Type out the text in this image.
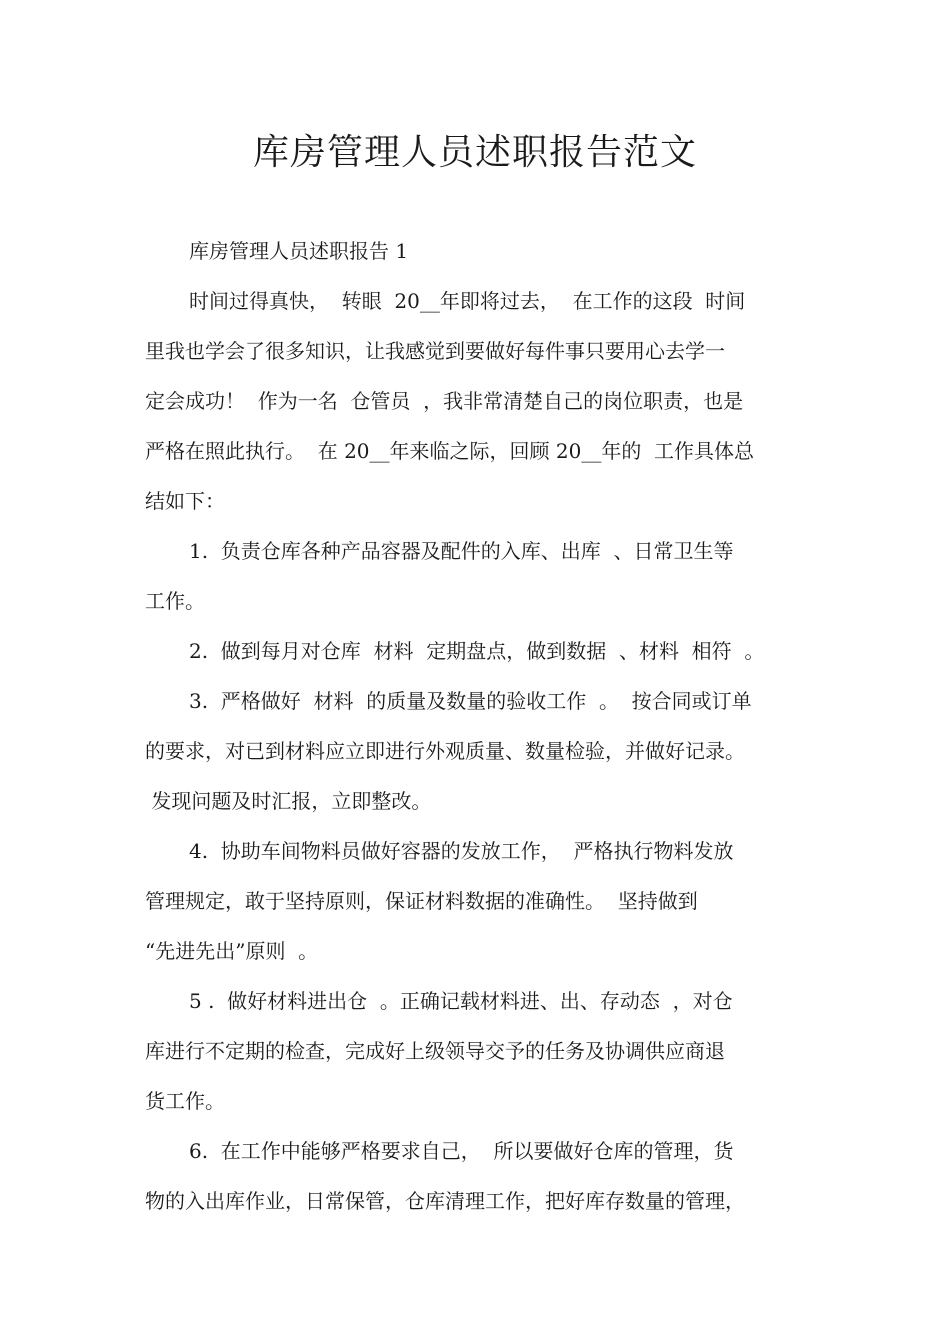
库房管理人员述职报告范文
库房管理人员述职报告 1
时间过得真快，  转眼  20__年即将过去，  在工作的这段  时间
里我也学会了很多知识，让我感觉到要做好每件事只要用心去学一
定会成功！  作为一名  仓管员  ，我非常清楚自己的岗位职责，也是
严格在照此执行。  在 20__年来临之际，回顾 20__年的  工作具体总
结如下：
1.  负责仓库各种产品容器及配件的入库、出库  、日常卫生等
工作。
2.  做到每月对仓库  材料  定期盘点，做到数据  、材料  相符  。
3.  严格做好  材料  的质量及数量的验收工作  。  按合同或订单
的要求，对已到材料应立即进行外观质量、数量检验，并做好记录。
发现问题及时汇报，立即整改。
4.  协助车间物料员做好容器的发放工作，  严格执行物料发放
管理规定，敢于坚持原则，保证材料数据的准确性。  坚持做到
“先进先出”原则  。
5 .  做好材料进出仓  。正确记载材料进、出、存动态  ，对仓
库进行不定期的检查，完成好上级领导交予的任务及协调供应商退
货工作。
6.  在工作中能够严格要求自己，  所以要做好仓库的管理，货
物的入出库作业，日常保管，仓库清理工作，把好库存数量的管理，
